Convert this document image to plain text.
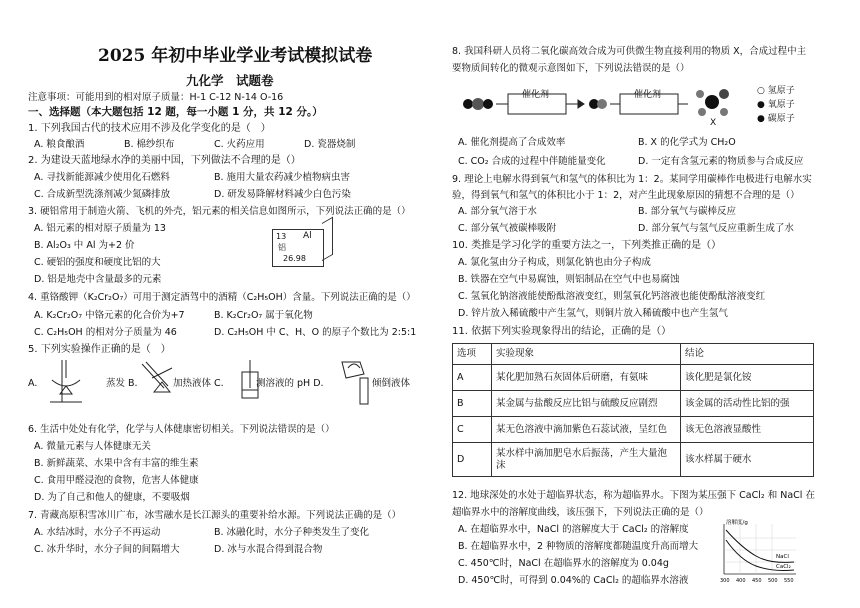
2025 年初中毕业学业考试模拟试卷
九化学　试题卷
注意事项：可能用到的相对原子质量：H-1 C-12 N-14 O-16
一、选择题（本大题包括 12 题，每一小题 1 分，共 12 分。）
1. 下列我国古代的技术应用不涉及化学变化的是（　）
A. 粮食酿酒	B. 棉纱织布	C. 火药应用	D. 瓷器烧制
2. 为建设天蓝地绿水净的美丽中国，下列做法不合理的是（）
A. 寻找新能源减少使用化石燃料	B. 施用大量农药减少植物病虫害
C. 合成新型洗涤剂减少氮磷排放	D. 研发易降解材料减少白色污染
3. 硬铝常用于制造火箭、飞机的外壳，铝元素的相关信息如图所示，下列说法正确的是（）
A. 铝元素的相对原子质量为 13
B. Al₂O₃ 中 Al 为+2 价
C. 硬铝的强度和硬度比铝的大
D. 铝是地壳中含量最多的元素
13 Al
铝
26.98
4. 重铬酸钾（K₂Cr₂O₇）可用于测定酒驾中的酒精（C₂H₅OH）含量。下列说法正确的是（）
A. K₂Cr₂O₇ 中铬元素的化合价为+7	B. K₂Cr₂O₇ 属于氧化物
C. C₂H₅OH 的相对分子质量为 46	D. C₂H₅OH 中 C、H、O 的原子个数比为 2:5:1
5. 下列实验操作正确的是（　）
A.	蒸发 B.	加热液体 C.	测溶液的 pH D.	倾倒液体
6. 生活中处处有化学，化学与人体健康密切相关。下列说法错误的是（）
A. 微量元素与人体健康无关
B. 新鲜蔬菜、水果中含有丰富的维生素
C. 食用甲醛浸泡的食物，危害人体健康
D. 为了自己和他人的健康，不要吸烟
7. 青藏高原积雪冰川广布，冰雪融水是长江源头的重要补给水源。下列说法正确的是（）
A. 水结冰时，水分子不再运动	B. 冰融化时，水分子种类发生了变化
C. 冰升华时，水分子间的间隔增大	D. 冰与水混合得到混合物
8. 我国科研人员将二氧化碳高效合成为可供微生物直接利用的物质 X，合成过程中主
要物质间转化的微观示意图如下，下列说法错误的是（）
催化剂	催化剂
X
○ 氢原子
● 氧原子
● 碳原子
A. 催化剂提高了合成效率	B. X 的化学式为 CH₂O
C. CO₂ 合成的过程中伴随能量变化	D. 一定有含氢元素的物质参与合成反应
9. 理论上电解水得到氧气和氢气的体积比为 1：2。某同学用碳棒作电极进行电解水实
验，得到氧气和氢气的体积比小于 1：2，对产生此现象原因的猜想不合理的是（）
A. 部分氧气溶于水	B. 部分氧气与碳棒反应
C. 部分氧气被碳棒吸附	D. 部分氧气与氢气反应重新生成了水
10. 类推是学习化学的重要方法之一，下列类推正确的是（）
A. 氯化氢由分子构成，则氯化钠也由分子构成
B. 铁器在空气中易腐蚀，则铝制品在空气中也易腐蚀
C. 氢氧化钠溶液能使酚酞溶液变红，则氢氧化钙溶液也能使酚酞溶液变红
D. 锌片放入稀硫酸中产生氢气，则铜片放入稀硫酸中也产生氢气
11. 依据下列实验现象得出的结论，正确的是（）
选项	实验现象	结论
A	某化肥加熟石灰固体后研磨，有氨味	该化肥是氯化铵
B	某金属与盐酸反应比铝与硫酸反应剧烈	该金属的活动性比铝的强
C	某无色溶液中滴加紫色石蕊试液，呈红色	该无色溶液显酸性
D	某水样中滴加肥皂水后振荡，产生大量泡
沫	该水样属于硬水
12. 地球深处的水处于超临界状态，称为超临界水。下图为某压强下 CaCl₂ 和 NaCl 在
超临界水中的溶解度曲线，该压强下，下列说法正确的是（）
A. 在超临界水中，NaCl 的溶解度大于 CaCl₂ 的溶解度
B. 在超临界水中，2 种物质的溶解度都随温度升高而增大
C. 450℃时，NaCl 在超临界水的溶解度为 0.04g
D. 450℃时，可得到 0.04%的 CaCl₂ 的超临界水溶液
溶解度/g
NaCl
CaCl₂
300 400 450 500 550
